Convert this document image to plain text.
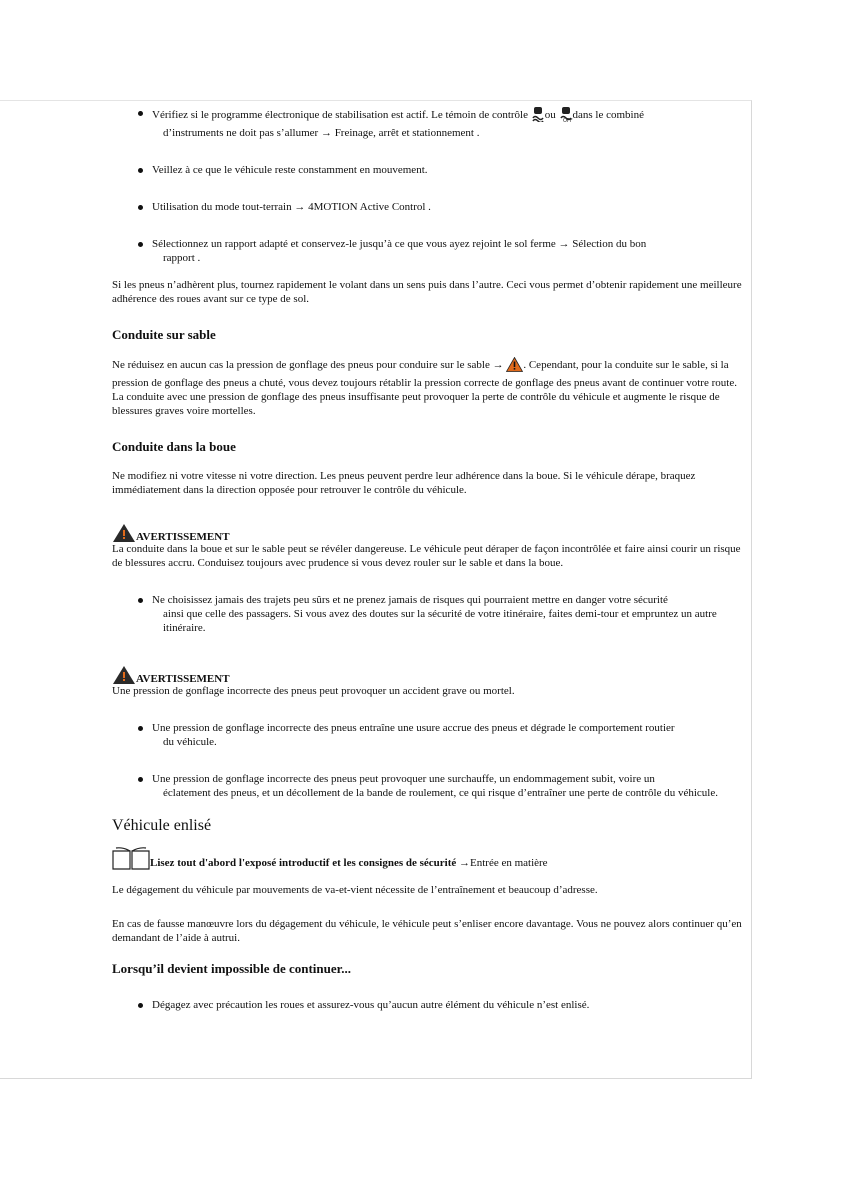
Vérifiez si le programme électronique de stabilisation est actif. Le témoin de contrôle ou OFF dans le combiné
d’instruments ne doit pas s’allumer → Freinage, arrêt et stationnement .
Veillez à ce que le véhicule reste constamment en mouvement.
Utilisation du mode tout-terrain → 4MOTION Active Control .
Sélectionnez un rapport adapté et conservez-le jusqu’à ce que vous ayez rejoint le sol ferme → Sélection du bon
rapport .

Si les pneus n’adhèrent plus, tournez rapidement le volant dans un sens puis dans l’autre. Ceci vous permet d’obtenir rapidement une meilleure adhérence des roues avant sur ce type de sol.

Conduite sur sable

Ne réduisez en aucun cas la pression de gonflage des pneus pour conduire sur le sable → . Cependant, pour la conduite sur le sable, si la pression de gonflage des pneus a chuté, vous devez toujours rétablir la pression correcte de gonflage des pneus avant de continuer votre route. La conduite avec une pression de gonflage des pneus insuffisante peut provoquer la perte de contrôle du véhicule et augmente le risque de blessures graves voire mortelles.

Conduite dans la boue

Ne modifiez ni votre vitesse ni votre direction. Les pneus peuvent perdre leur adhérence dans la boue. Si le véhicule dérape, braquez immédiatement dans la direction opposée pour retrouver le contrôle du véhicule.

AVERTISSEMENT

La conduite dans la boue et sur le sable peut se révéler dangereuse. Le véhicule peut déraper de façon incontrôlée et faire ainsi courir un risque de blessures accru. Conduisez toujours avec prudence si vous devez rouler sur le sable et dans la boue.

Ne choisissez jamais des trajets peu sûrs et ne prenez jamais de risques qui pourraient mettre en danger votre sécurité
ainsi que celle des passagers. Si vous avez des doutes sur la sécurité de votre itinéraire, faites demi-tour et empruntez un autre itinéraire.
AVERTISSEMENT

Une pression de gonflage incorrecte des pneus peut provoquer un accident grave ou mortel.

Une pression de gonflage incorrecte des pneus entraîne une usure accrue des pneus et dégrade le comportement routier
du véhicule.
Une pression de gonflage incorrecte des pneus peut provoquer une surchauffe, un endommagement subit, voire un
éclatement des pneus, et un décollement de la bande de roulement, ce qui risque d’entraîner une perte de contrôle du véhicule.
Véhicule enlisé
Lisez tout d'abord l'exposé introductif et les consignes de sécurité →Entrée en matière

Le dégagement du véhicule par mouvements de va-et-vient nécessite de l’entraînement et beaucoup d’adresse.

En cas de fausse manœuvre lors du dégagement du véhicule, le véhicule peut s’enliser encore davantage. Vous ne pouvez alors continuer qu’en demandant de l’aide à autrui.

Lorsqu’il devient impossible de continuer...
Dégagez avec précaution les roues et assurez-vous qu’aucun autre élément du véhicule n’est enlisé.
